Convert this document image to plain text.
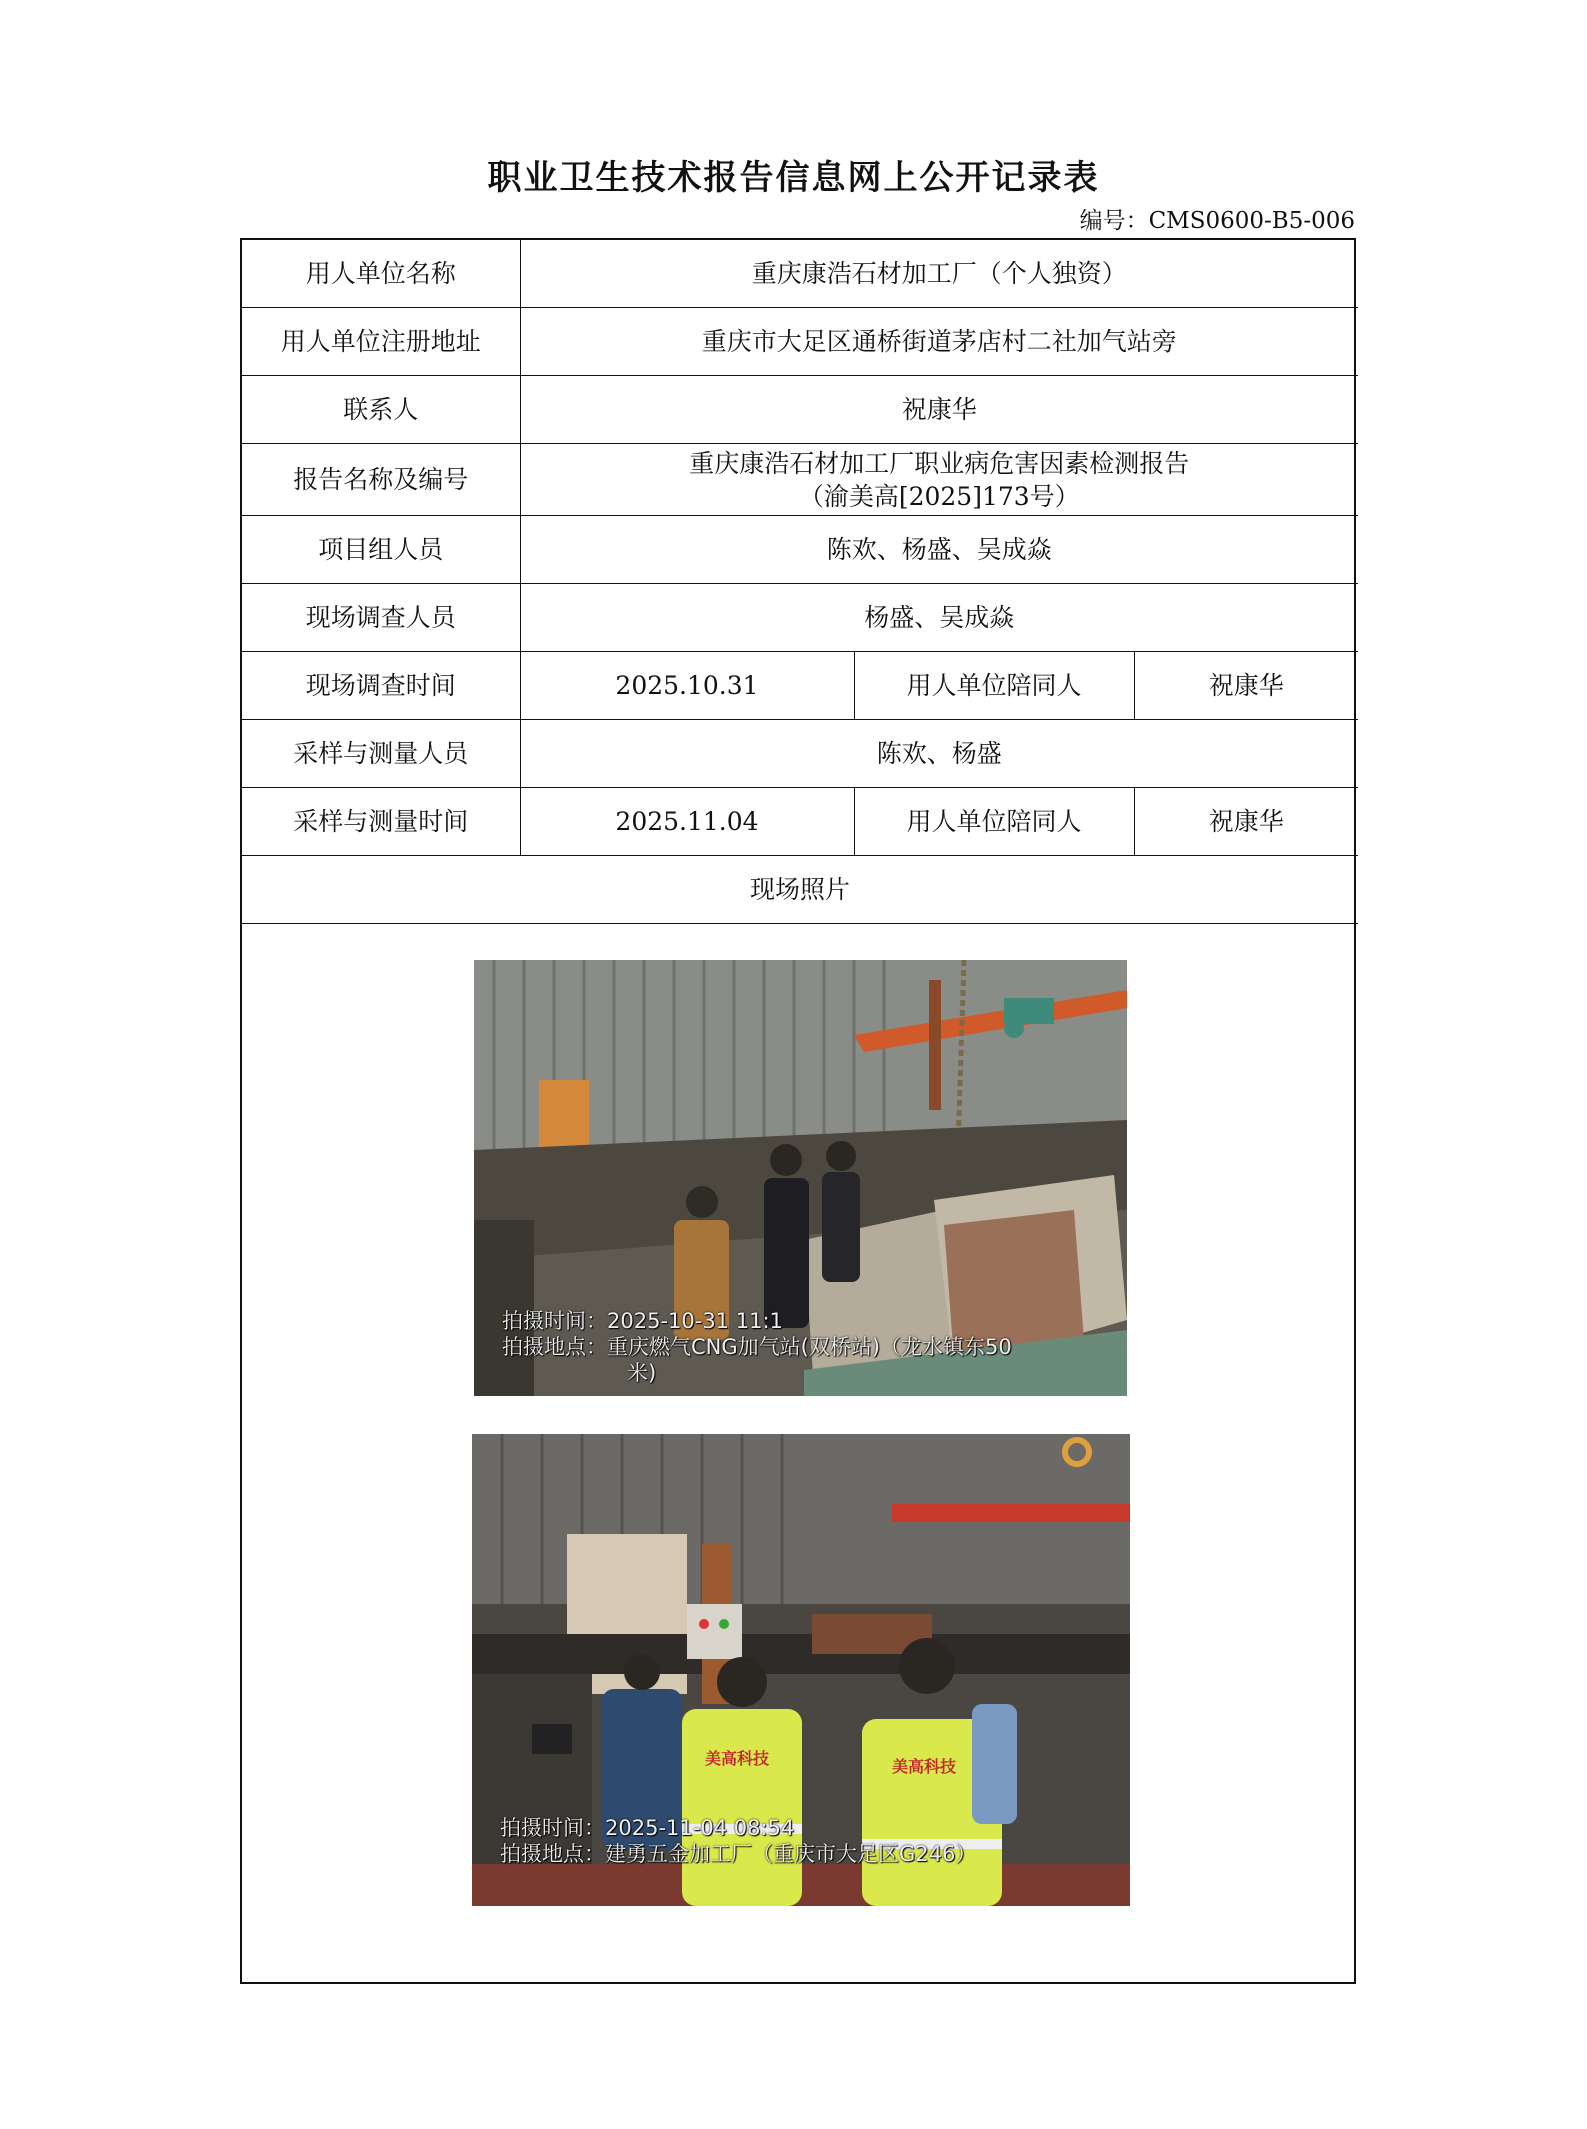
职业卫生技术报告信息网上公开记录表
编号：CMS0600-B5-006
用人单位名称	重庆康浩石材加工厂（个人独资）		
用人单位注册地址	重庆市大足区通桥街道茅店村二社加气站旁		
联系人	祝康华		
报告名称及编号	重庆康浩石材加工厂职业病危害因素检测报告
（渝美高[2025]173号）		

项目组人员	陈欢、杨盛、吴成焱		
现场调查人员	杨盛、吴成焱		
现场调查时间	2025.10.31	用人单位陪同人	祝康华
采样与测量人员	陈欢、杨盛		
采样与测量时间	2025.11.04	用人单位陪同人	祝康华
现场照片			
拍摄时间：2025-10-31 11:1
拍摄地点：重庆燃气CNG加气站(双桥站)（龙水镇东50
米)
美高科技	美高科技
拍摄时间：2025-11-04 08:54
拍摄地点：建勇五金加工厂（重庆市大足区G246）
